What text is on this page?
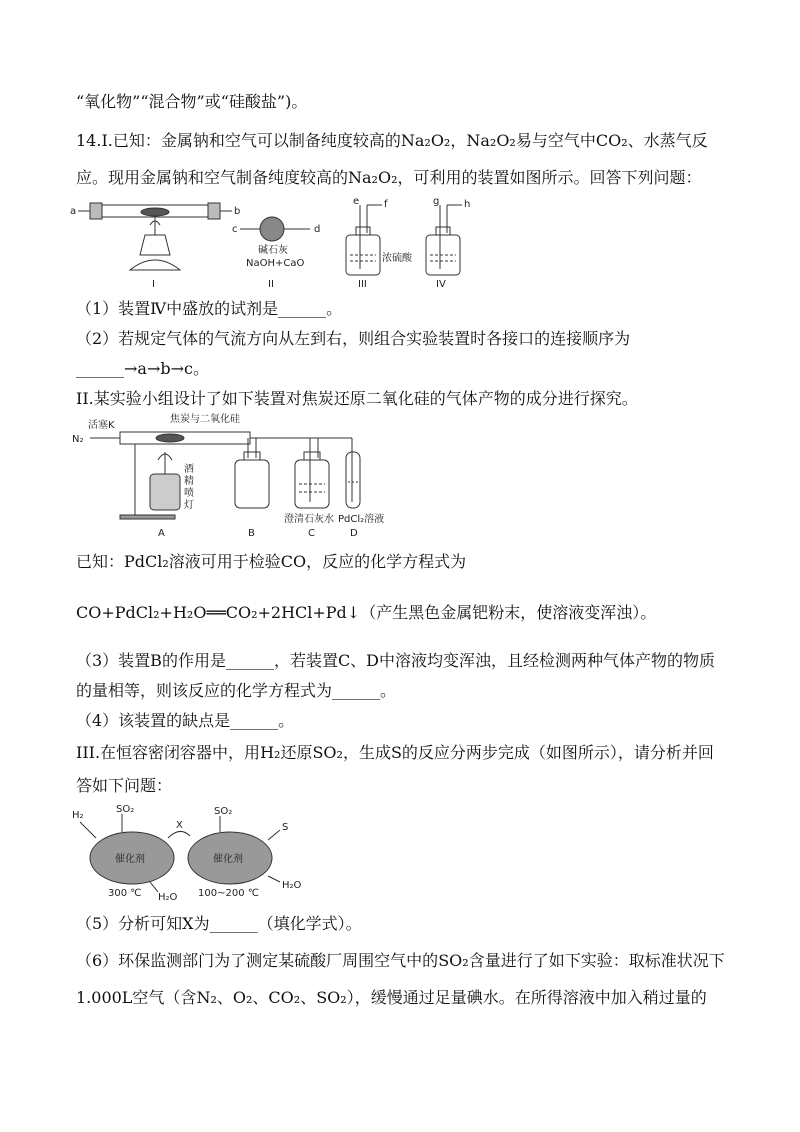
“氧化物”“混合物”或“硅酸盐”)。
14.I.已知：金属钠和空气可以制备纯度较高的Na₂O₂，Na₂O₂易与空气中CO₂、水蒸气反
应。现用金属钠和空气制备纯度较高的Na₂O₂，可利用的装置如图所示。回答下列问题：
a	b
I
c	d
碱石灰
NaOH+CaO
II
e f
浓硫酸
III
g h
IV
（1）装置Ⅳ中盛放的试剂是______。
（2）若规定气体的气流方向从左到右，则组合实验装置时各接口的连接顺序为
______→a→b→c。
II.某实验小组设计了如下装置对焦炭还原二氧化硅的气体产物的成分进行探究。
活塞K
N₂
焦炭与二氧化硅
酒
精
喷
灯
A	B	C
澄清石灰水 PdCl₂溶液
D
已知：PdCl₂溶液可用于检验CO，反应的化学方程式为
CO+PdCl₂+H₂O══CO₂+2HCl+Pd↓（产生黑色金属钯粉末，使溶液变浑浊）。
（3）装置B的作用是______，若装置C、D中溶液均变浑浊，且经检测两种气体产物的物质
的量相等，则该反应的化学方程式为______。
（4）该装置的缺点是______。
III.在恒容密闭容器中，用H₂还原SO₂，生成S的反应分两步完成（如图所示），请分析并回
答如下问题：
催化剂	催化剂
H₂
SO₂
X
SO₂
S
300 ℃ H₂O 100~200 ℃
H₂O
（5）分析可知X为______（填化学式）。
（6）环保监测部门为了测定某硫酸厂周围空气中的SO₂含量进行了如下实验：取标准状况下
1.000L空气（含N₂、O₂、CO₂、SO₂），缓慢通过足量碘水。在所得溶液中加入稍过量的
